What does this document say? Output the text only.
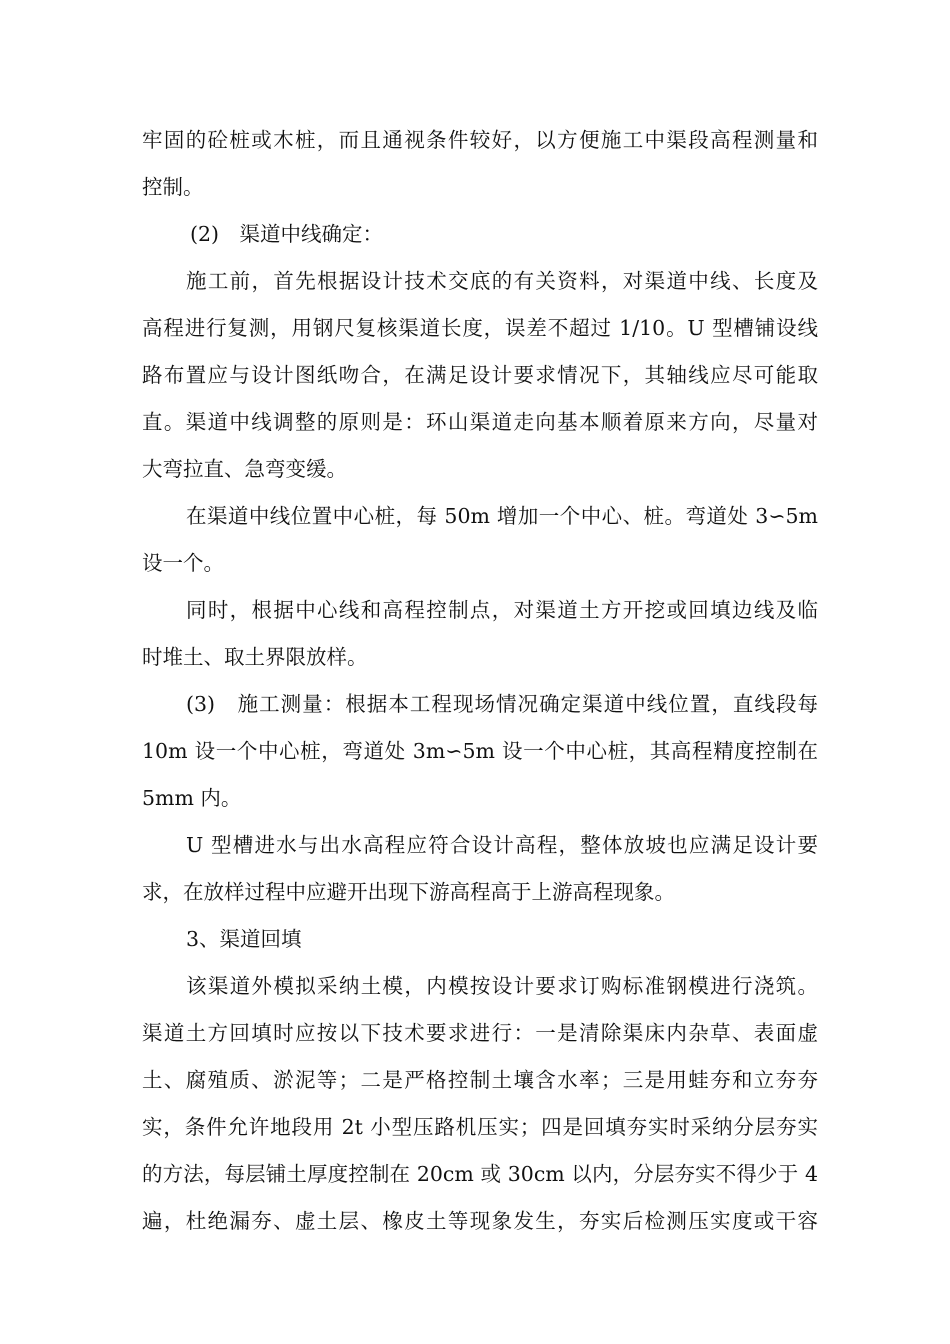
牢固的砼桩或木桩，而且通视条件较好，以方便施工中渠段高程测量和
控制。
(2)　渠道中线确定：
施工前，首先根据设计技术交底的有关资料，对渠道中线、长度及
高程进行复测，用钢尺复核渠道长度，误差不超过 1/10。U 型槽铺设线
路布置应与设计图纸吻合，在满足设计要求情况下，其轴线应尽可能取
直。渠道中线调整的原则是：环山渠道走向基本顺着原来方向，尽量对
大弯拉直、急弯变缓。
在渠道中线位置中心桩，每 50m 增加一个中心、桩。弯道处 3∽5m
设一个。
同时，根据中心线和高程控制点，对渠道土方开挖或回填边线及临
时堆土、取土界限放样。
(3)　施工测量：根据本工程现场情况确定渠道中线位置，直线段每
10m 设一个中心桩，弯道处 3m∽5m 设一个中心桩，其高程精度控制在
5mm 内。
U 型槽进水与出水高程应符合设计高程，整体放坡也应满足设计要
求，在放样过程中应避开出现下游高程高于上游高程现象。
3、渠道回填
该渠道外模拟采纳土模，内模按设计要求订购标准钢模进行浇筑。
渠道土方回填时应按以下技术要求进行：一是清除渠床内杂草、表面虚
土、腐殖质、淤泥等；二是严格控制土壤含水率；三是用蛙夯和立夯夯
实，条件允许地段用 2t 小型压路机压实；四是回填夯实时采纳分层夯实
的方法，每层铺土厚度控制在 20cm 或 30cm 以内，分层夯实不得少于 4
遍，杜绝漏夯、虚土层、橡皮土等现象发生，夯实后检测压实度或干容
